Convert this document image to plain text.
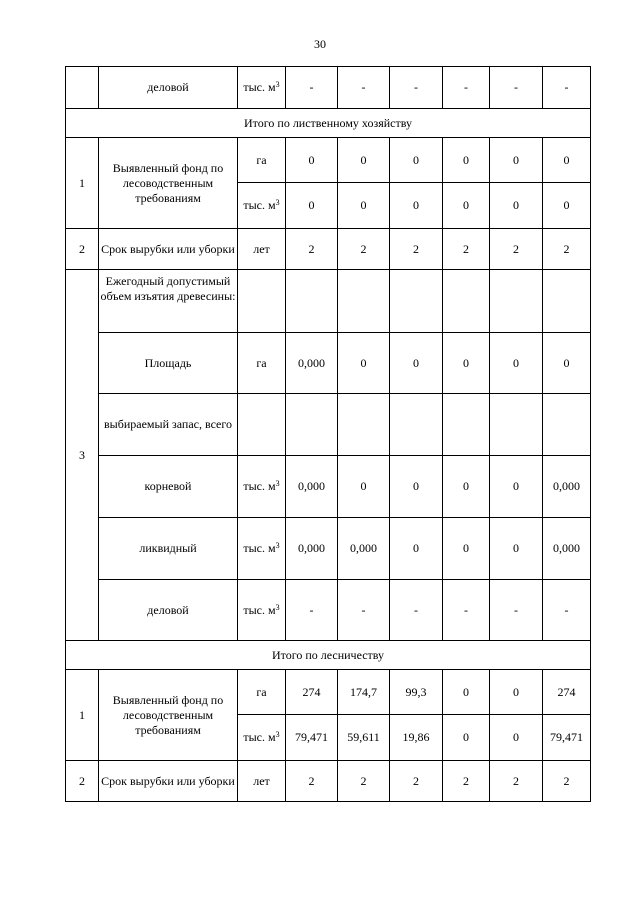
30
	деловой	тыс. $м^3$	-	-	-	-	-	-
Итого по лиственному хозяйству								
1	Выявленный фонд по лесоводственным требованиям	га	0	0	0	0	0	0
		тыс. $м^3$	0	0	0	0	0	0
2	Срок вырубки или уборки	лет	2	2	2	2	2	2
3	Ежегодный допустимый объем изъятия древесины:							
	Площадь	га	0,000	0	0	0	0	0
	выбираемый запас, всего							
	корневой	тыс. $м^3$	0,000	0	0	0	0	0,000
	ликвидный	тыс. $м^3$	0,000	0,000	0	0	0	0,000
	деловой	тыс. $м^3$	-	-	-	-	-	-
Итого по лесничеству								
1	Выявленный фонд по лесоводственным требованиям	га	274	174,7	99,3	0	0	274
		тыс. $м^3$	79,471	59,611	19,86	0	0	79,471
2	Срок вырубки или уборки	лет	2	2	2	2	2	2
